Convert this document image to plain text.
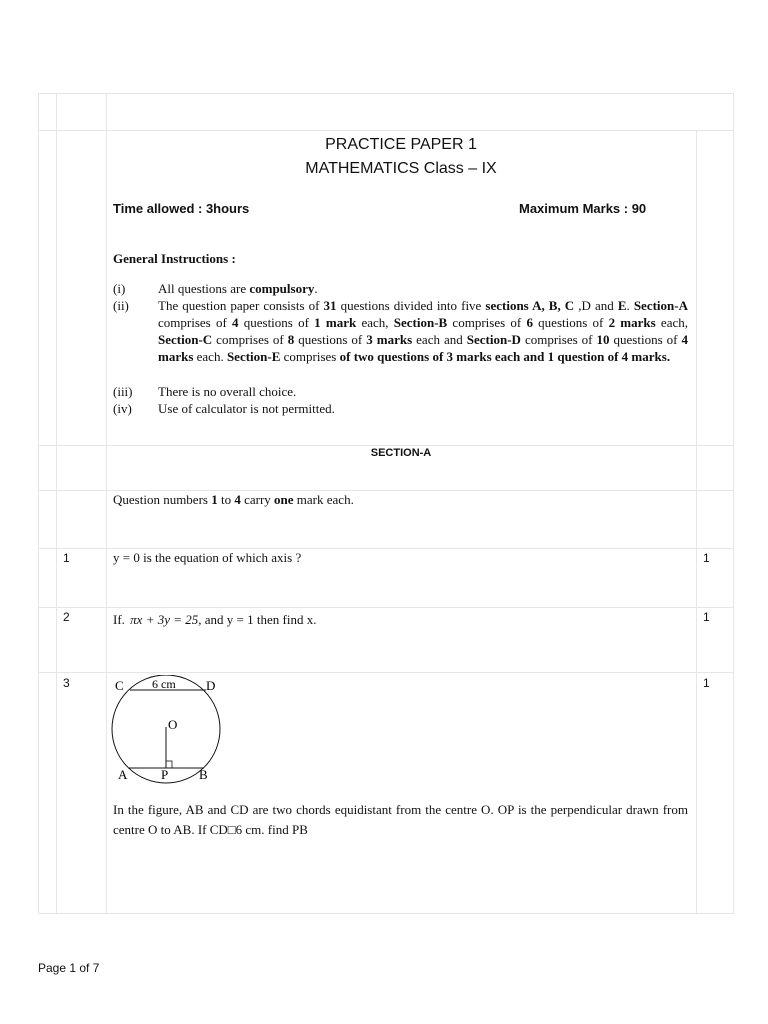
PRACTICE PAPER 1
MATHEMATICS Class – IX
Time allowed : 3hours	Maximum Marks : 90
General Instructions :
(i)	All questions are compulsory.
(ii) The question paper consists of 31 questions divided into five sections A, B, C ,D and E. Section-A comprises of 4 questions of 1 mark each, Section-B comprises of 6 questions of 2 marks each, Section-C comprises of 8 questions of 3 marks each and Section-D comprises of 10 questions of 4 marks each. Section-E comprises of two questions of 3 marks each and 1 question of 4 marks.
(iii) There is no overall choice.
(iv) Use of calculator is not permitted.
SECTION-A
Question numbers 1 to 4 carry one mark each.
1	y = 0 is the equation of which axis ?	1
2	If. πx + 3y = 25, and y = 1 then find x.	1
3	1
C	D
6 cm
O
A	P B
In the figure, AB and CD are two chords equidistant from the centre O. OP is the perpendicular drawn from centre O to AB. If CD□6 cm. find PB
Page 1 of 7
